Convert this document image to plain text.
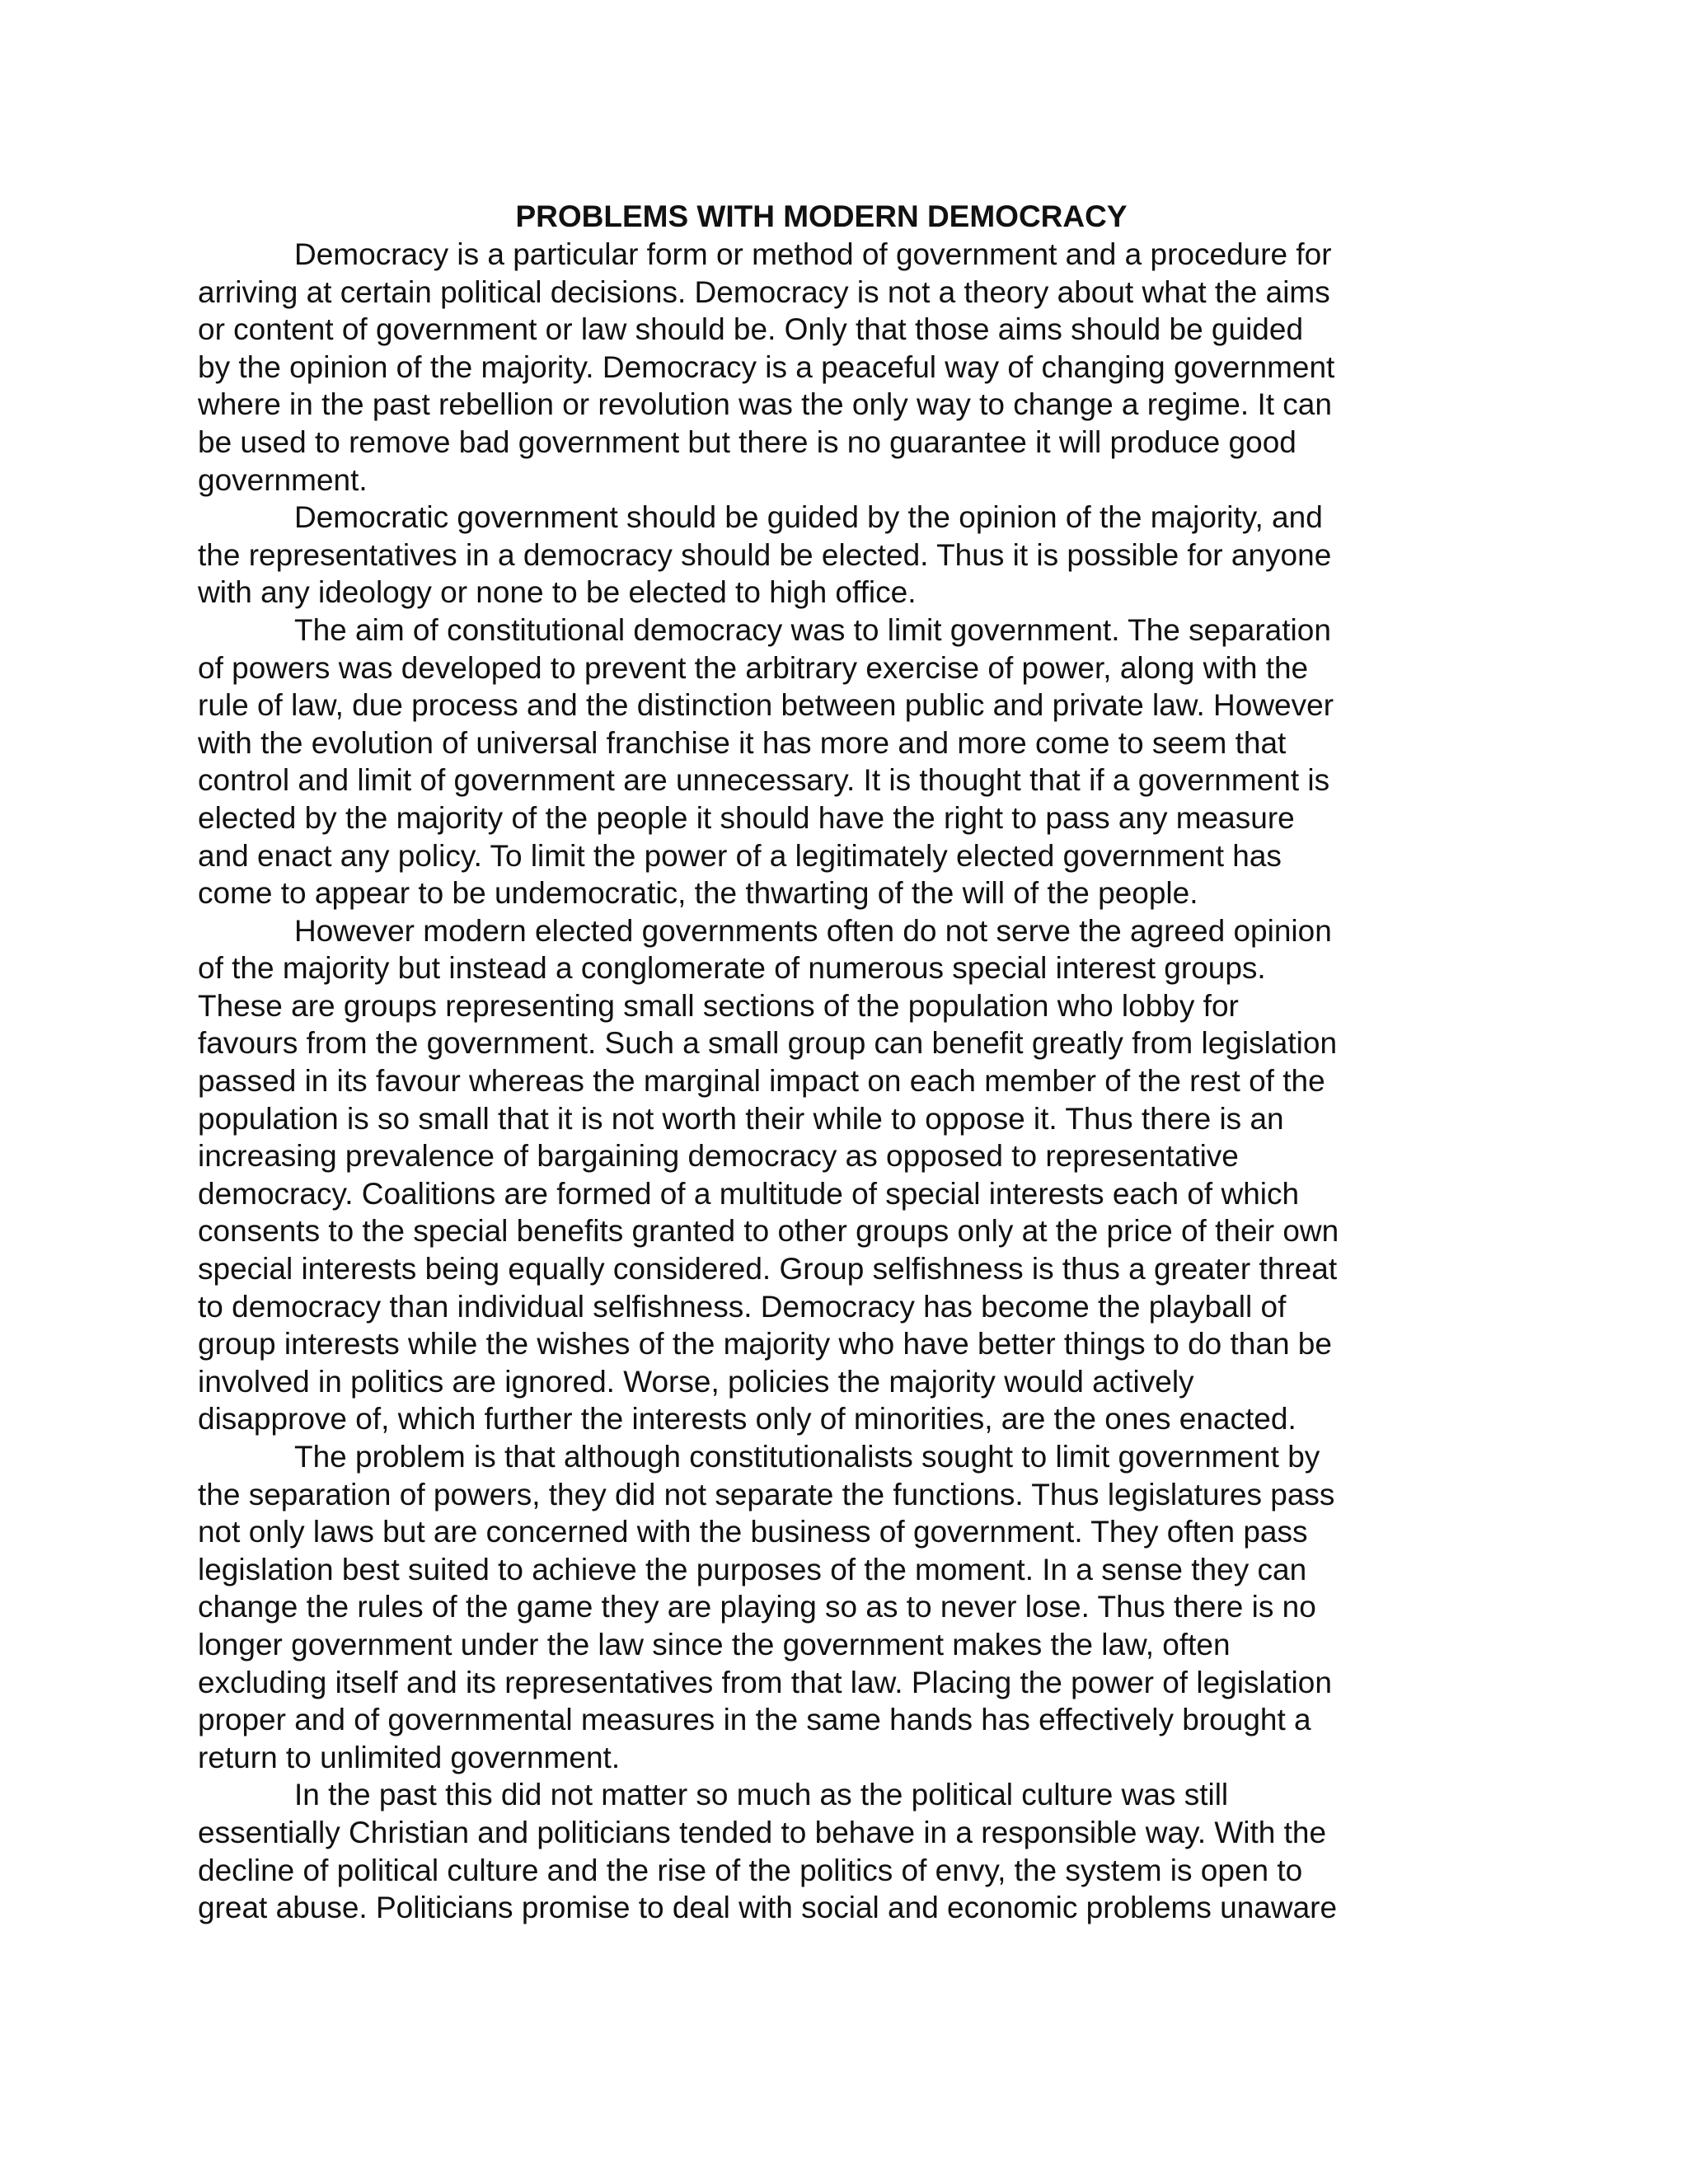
PROBLEMS WITH MODERN DEMOCRACY
Democracy is a particular form or method of government and a procedure for
arriving at certain political decisions. Democracy is not a theory about what the aims
or content of government or law should be. Only that those aims should be guided
by the opinion of the majority. Democracy is a peaceful way of changing government
where in the past rebellion or revolution was the only way to change a regime. It can
be used to remove bad government but there is no guarantee it will produce good
government.
Democratic government should be guided by the opinion of the majority, and
the representatives in a democracy should be elected. Thus it is possible for anyone
with any ideology or none to be elected to high office.
The aim of constitutional democracy was to limit government. The separation
of powers was developed to prevent the arbitrary exercise of power, along with the
rule of law, due process and the distinction between public and private law. However
with the evolution of universal franchise it has more and more come to seem that
control and limit of government are unnecessary. It is thought that if a government is
elected by the majority of the people it should have the right to pass any measure
and enact any policy. To limit the power of a legitimately elected government has
come to appear to be undemocratic, the thwarting of the will of the people.
However modern elected governments often do not serve the agreed opinion
of the majority but instead a conglomerate of numerous special interest groups.
These are groups representing small sections of the population who lobby for
favours from the government. Such a small group can benefit greatly from legislation
passed in its favour whereas the marginal impact on each member of the rest of the
population is so small that it is not worth their while to oppose it. Thus there is an
increasing prevalence of bargaining democracy as opposed to representative
democracy. Coalitions are formed of a multitude of special interests each of which
consents to the special benefits granted to other groups only at the price of their own
special interests being equally considered. Group selfishness is thus a greater threat
to democracy than individual selfishness. Democracy has become the playball of
group interests while the wishes of the majority who have better things to do than be
involved in politics are ignored. Worse, policies the majority would actively
disapprove of, which further the interests only of minorities, are the ones enacted.
The problem is that although constitutionalists sought to limit government by
the separation of powers, they did not separate the functions. Thus legislatures pass
not only laws but are concerned with the business of government. They often pass
legislation best suited to achieve the purposes of the moment. In a sense they can
change the rules of the game they are playing so as to never lose. Thus there is no
longer government under the law since the government makes the law, often
excluding itself and its representatives from that law. Placing the power of legislation
proper and of governmental measures in the same hands has effectively brought a
return to unlimited government.
In the past this did not matter so much as the political culture was still
essentially Christian and politicians tended to behave in a responsible way. With the
decline of political culture and the rise of the politics of envy, the system is open to
great abuse. Politicians promise to deal with social and economic problems unaware
